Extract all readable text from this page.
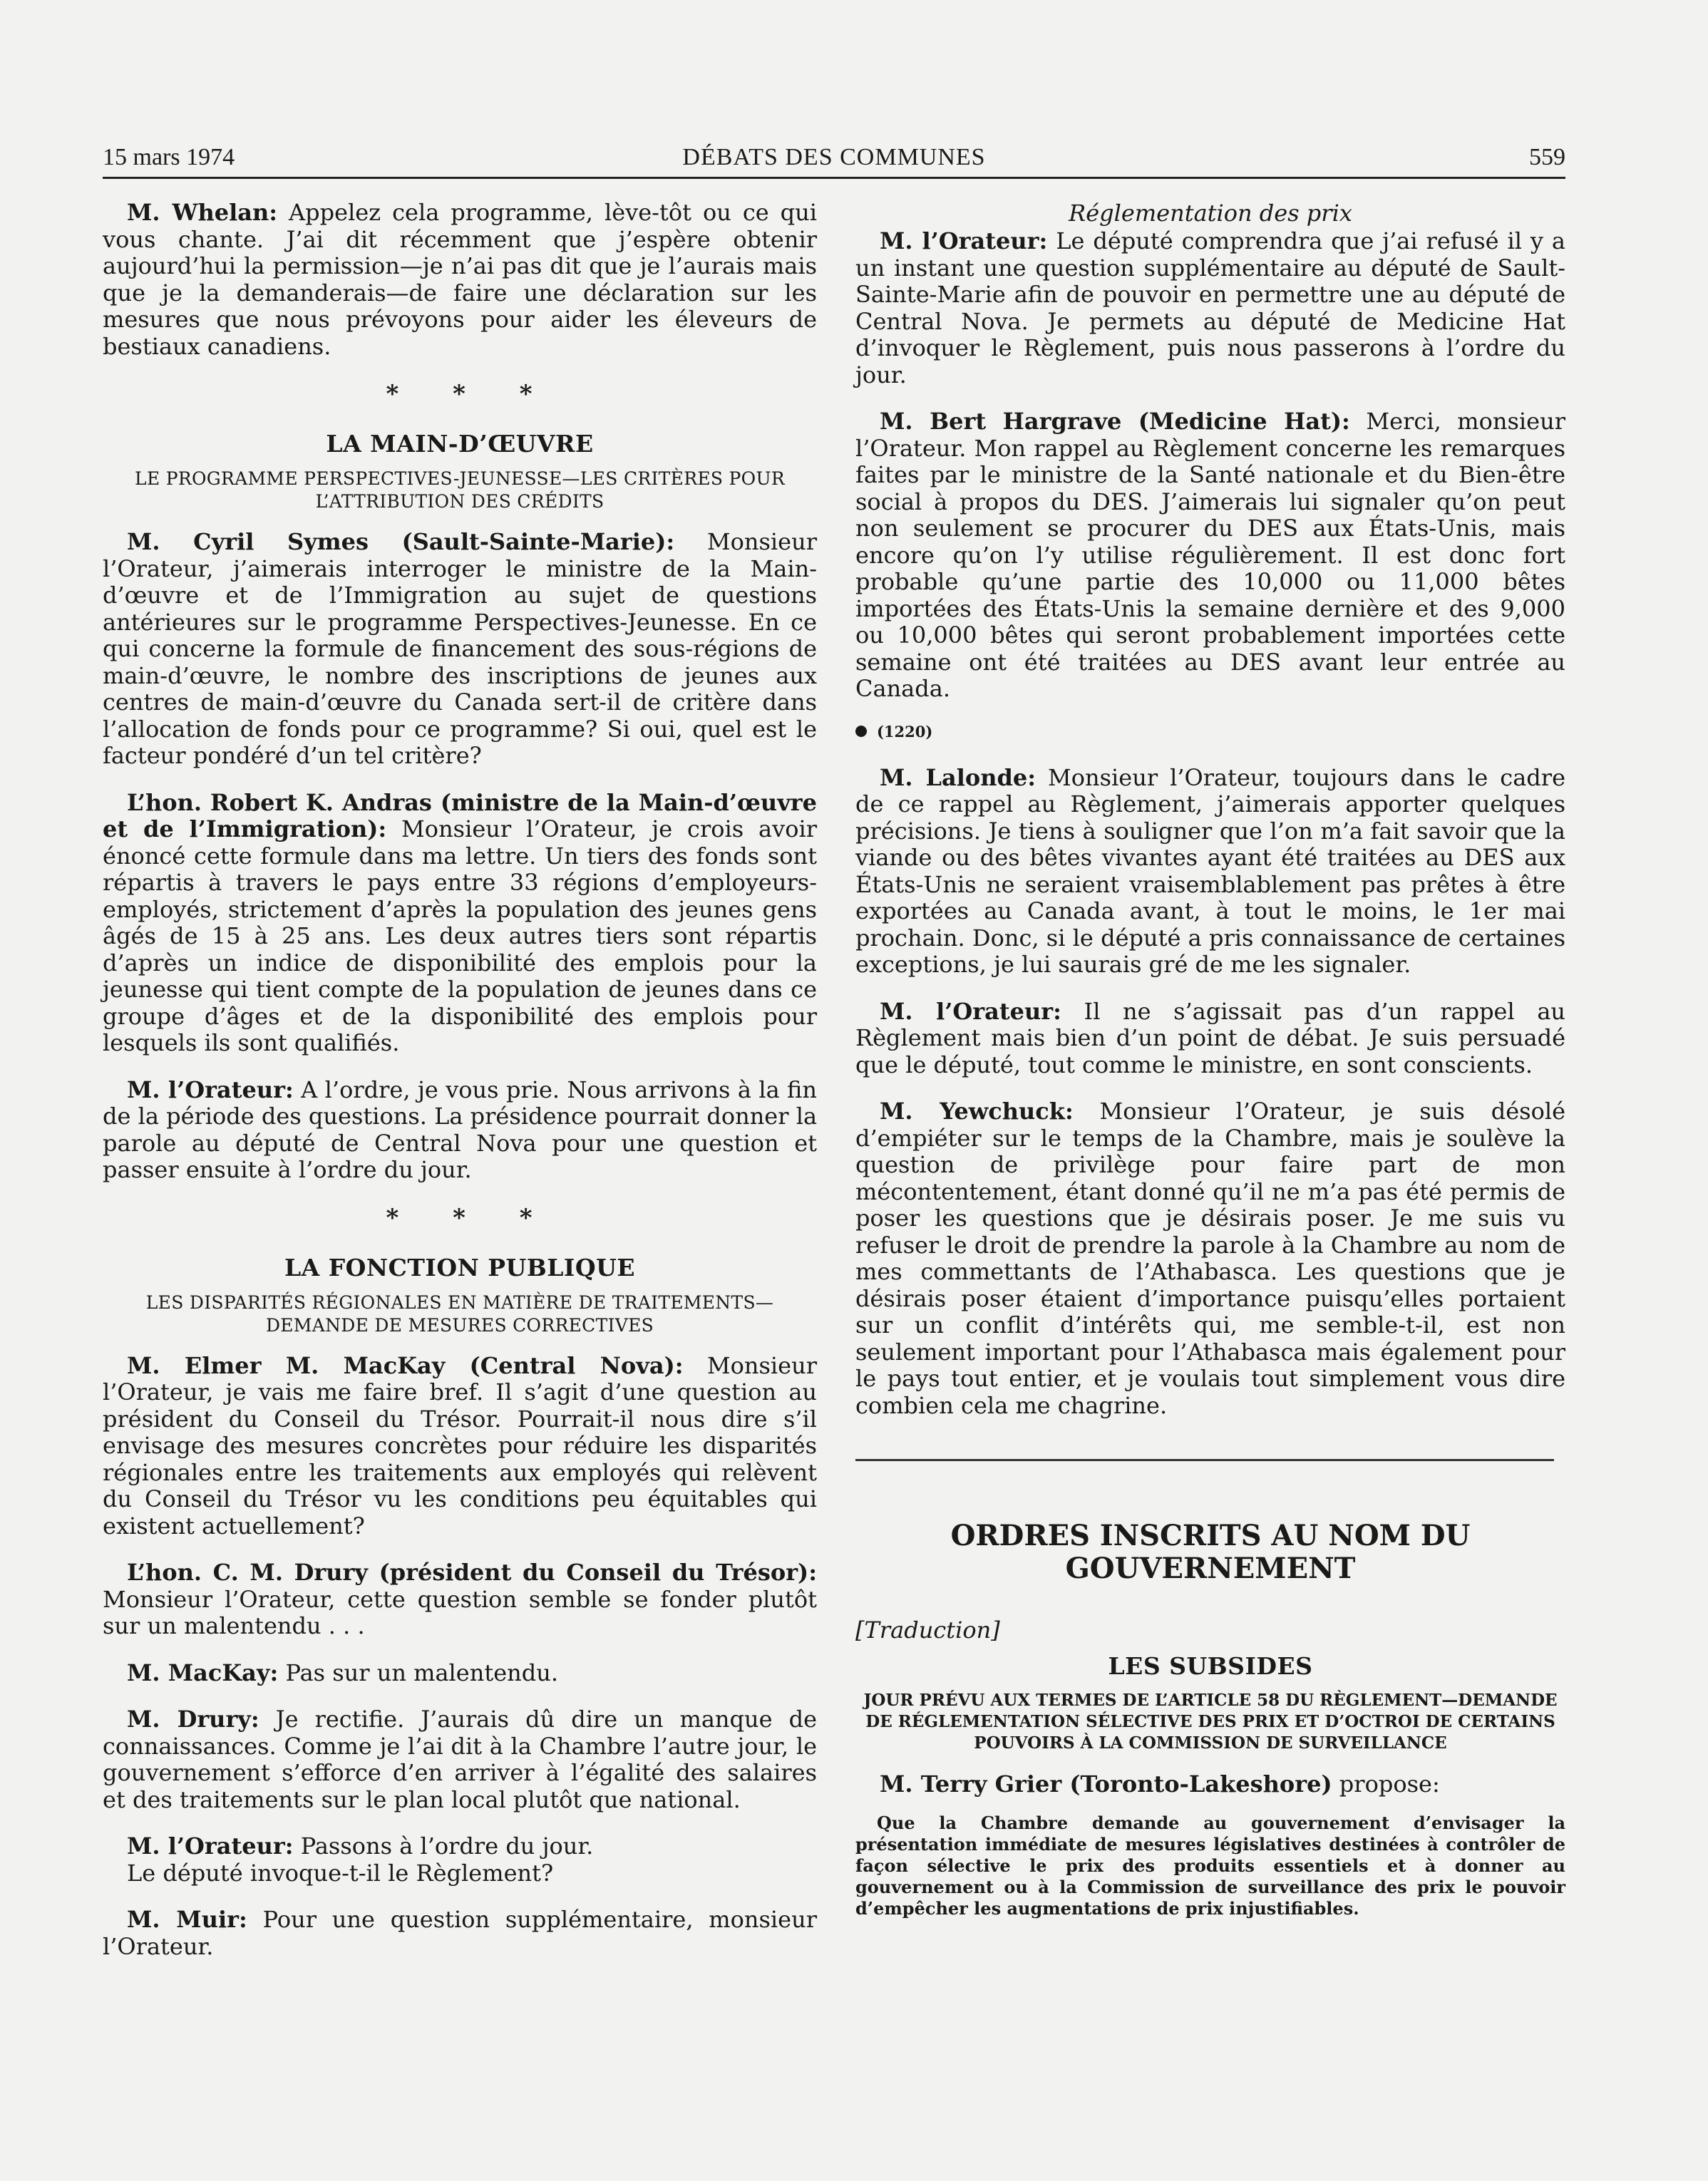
15 mars 1974	DÉBATS DES COMMUNES	559

M. Whelan: Appelez cela programme, lève-tôt ou ce qui vous chante. J’ai dit récemment que j’espère obtenir aujourd’hui la permission—je n’ai pas dit que je l’aurais mais que je la demanderais—de faire une déclaration sur les mesures que nous prévoyons pour aider les éleveurs de bestiaux canadiens.

* * *
LA MAIN-D’ŒUVRE
LE PROGRAMME PERSPECTIVES-JEUNESSE—LES CRITÈRES POUR L’ATTRIBUTION DES CRÉDITS

M. Cyril Symes (Sault-Sainte-Marie): Monsieur l’Orateur, j’aimerais interroger le ministre de la Main-d’œuvre et de l’Immigration au sujet de questions antérieures sur le programme Perspectives-Jeunesse. En ce qui concerne la formule de financement des sous-régions de main-d’œuvre, le nombre des inscriptions de jeunes aux centres de main-d’œuvre du Canada sert-il de critère dans l’allocation de fonds pour ce programme? Si oui, quel est le facteur pondéré d’un tel critère?

L’hon. Robert K. Andras (ministre de la Main-d’œuvre et de l’Immigration): Monsieur l’Orateur, je crois avoir énoncé cette formule dans ma lettre. Un tiers des fonds sont répartis à travers le pays entre 33 régions d’employeurs-employés, strictement d’après la population des jeunes gens âgés de 15 à 25 ans. Les deux autres tiers sont répartis d’après un indice de disponibilité des emplois pour la jeunesse qui tient compte de la population de jeunes dans ce groupe d’âges et de la disponibilité des emplois pour lesquels ils sont qualifiés.

M. l’Orateur: A l’ordre, je vous prie. Nous arrivons à la fin de la période des questions. La présidence pourrait donner la parole au député de Central Nova pour une question et passer ensuite à l’ordre du jour.

* * *
LA FONCTION PUBLIQUE
LES DISPARITÉS RÉGIONALES EN MATIÈRE DE TRAITEMENTS—DEMANDE DE MESURES CORRECTIVES

M. Elmer M. MacKay (Central Nova): Monsieur l’Orateur, je vais me faire bref. Il s’agit d’une question au président du Conseil du Trésor. Pourrait-il nous dire s’il envisage des mesures concrètes pour réduire les disparités régionales entre les traitements aux employés qui relèvent du Conseil du Trésor vu les conditions peu équitables qui existent actuellement?

L’hon. C. M. Drury (président du Conseil du Trésor): Monsieur l’Orateur, cette question semble se fonder plutôt sur un malentendu . . .

M. MacKay: Pas sur un malentendu.

M. Drury: Je rectifie. J’aurais dû dire un manque de connaissances. Comme je l’ai dit à la Chambre l’autre jour, le gouvernement s’efforce d’en arriver à l’égalité des salaires et des traitements sur le plan local plutôt que national.

M. l’Orateur: Passons à l’ordre du jour.

Le député invoque-t-il le Règlement?

M. Muir: Pour une question supplémentaire, monsieur l’Orateur.

Réglementation des prix

M. l’Orateur: Le député comprendra que j’ai refusé il y a un instant une question supplémentaire au député de Sault-Sainte-Marie afin de pouvoir en permettre une au député de Central Nova. Je permets au député de Medicine Hat d’invoquer le Règlement, puis nous passerons à l’ordre du jour.

M. Bert Hargrave (Medicine Hat): Merci, monsieur l’Orateur. Mon rappel au Règlement concerne les remarques faites par le ministre de la Santé nationale et du Bien-être social à propos du DES. J’aimerais lui signaler qu’on peut non seulement se procurer du DES aux États-Unis, mais encore qu’on l’y utilise régulièrement. Il est donc fort probable qu’une partie des 10,000 ou 11,000 bêtes importées des États-Unis la semaine dernière et des 9,000 ou 10,000 bêtes qui seront probablement importées cette semaine ont été traitées au DES avant leur entrée au Canada.

(1220)

M. Lalonde: Monsieur l’Orateur, toujours dans le cadre de ce rappel au Règlement, j’aimerais apporter quelques précisions. Je tiens à souligner que l’on m’a fait savoir que la viande ou des bêtes vivantes ayant été traitées au DES aux États-Unis ne seraient vraisemblablement pas prêtes à être exportées au Canada avant, à tout le moins, le 1er mai prochain. Donc, si le député a pris connaissance de certaines exceptions, je lui saurais gré de me les signaler.

M. l’Orateur: Il ne s’agissait pas d’un rappel au Règlement mais bien d’un point de débat. Je suis persuadé que le député, tout comme le ministre, en sont conscients.

M. Yewchuck: Monsieur l’Orateur, je suis désolé d’empiéter sur le temps de la Chambre, mais je soulève la question de privilège pour faire part de mon mécontentement, étant donné qu’il ne m’a pas été permis de poser les questions que je désirais poser. Je me suis vu refuser le droit de prendre la parole à la Chambre au nom de mes commettants de l’Athabasca. Les questions que je désirais poser étaient d’importance puisqu’elles portaient sur un conflit d’intérêts qui, me semble-t-il, est non seulement important pour l’Athabasca mais également pour le pays tout entier, et je voulais tout simplement vous dire combien cela me chagrine.

ORDRES INSCRITS AU NOM DU GOUVERNEMENT
[Traduction]
LES SUBSIDES
JOUR PRÉVU AUX TERMES DE L’ARTICLE 58 DU RÈGLEMENT—DEMANDE DE RÉGLEMENTATION SÉLECTIVE DES PRIX ET D’OCTROI DE CERTAINS POUVOIRS À LA COMMISSION DE SURVEILLANCE

M. Terry Grier (Toronto-Lakeshore) propose:

Que la Chambre demande au gouvernement d’envisager la présentation immédiate de mesures législatives destinées à contrôler de façon sélective le prix des produits essentiels et à donner au gouvernement ou à la Commission de surveillance des prix le pouvoir d’empêcher les augmentations de prix injustifiables.
